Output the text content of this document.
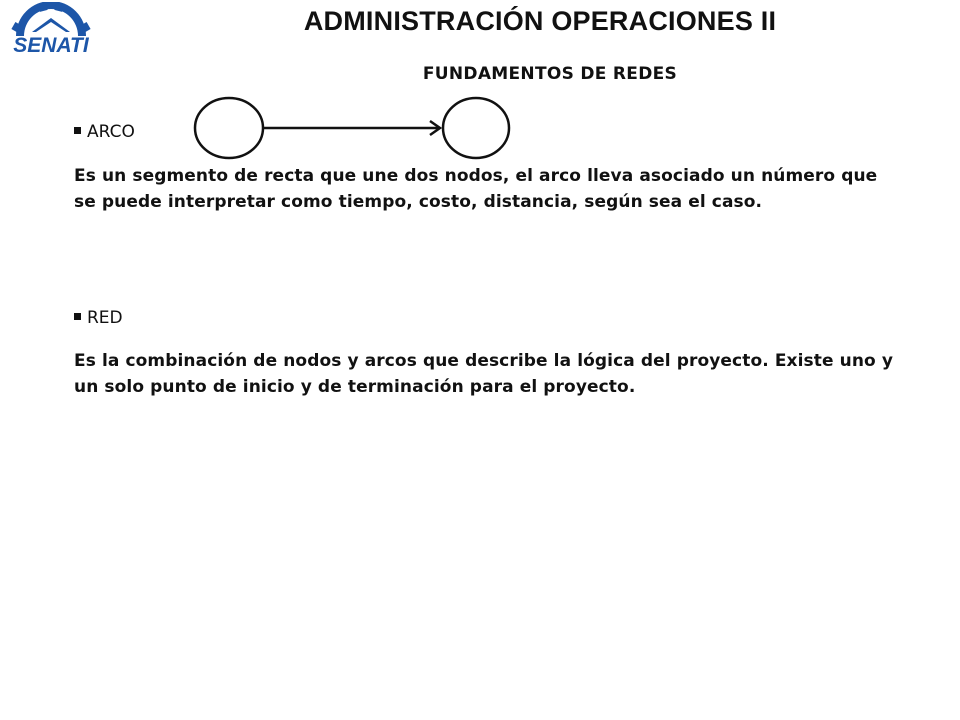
SENATI
ADMINISTRACIÓN OPERACIONES II
FUNDAMENTOS DE REDES
ARCO

Es un segmento de recta que une dos nodos, el arco lleva asociado un número que se puede interpretar como tiempo, costo, distancia, según sea el caso.

RED

Es la combinación de nodos y arcos que describe la lógica del proyecto. Existe uno y un solo punto de inicio y de terminación para el proyecto.
